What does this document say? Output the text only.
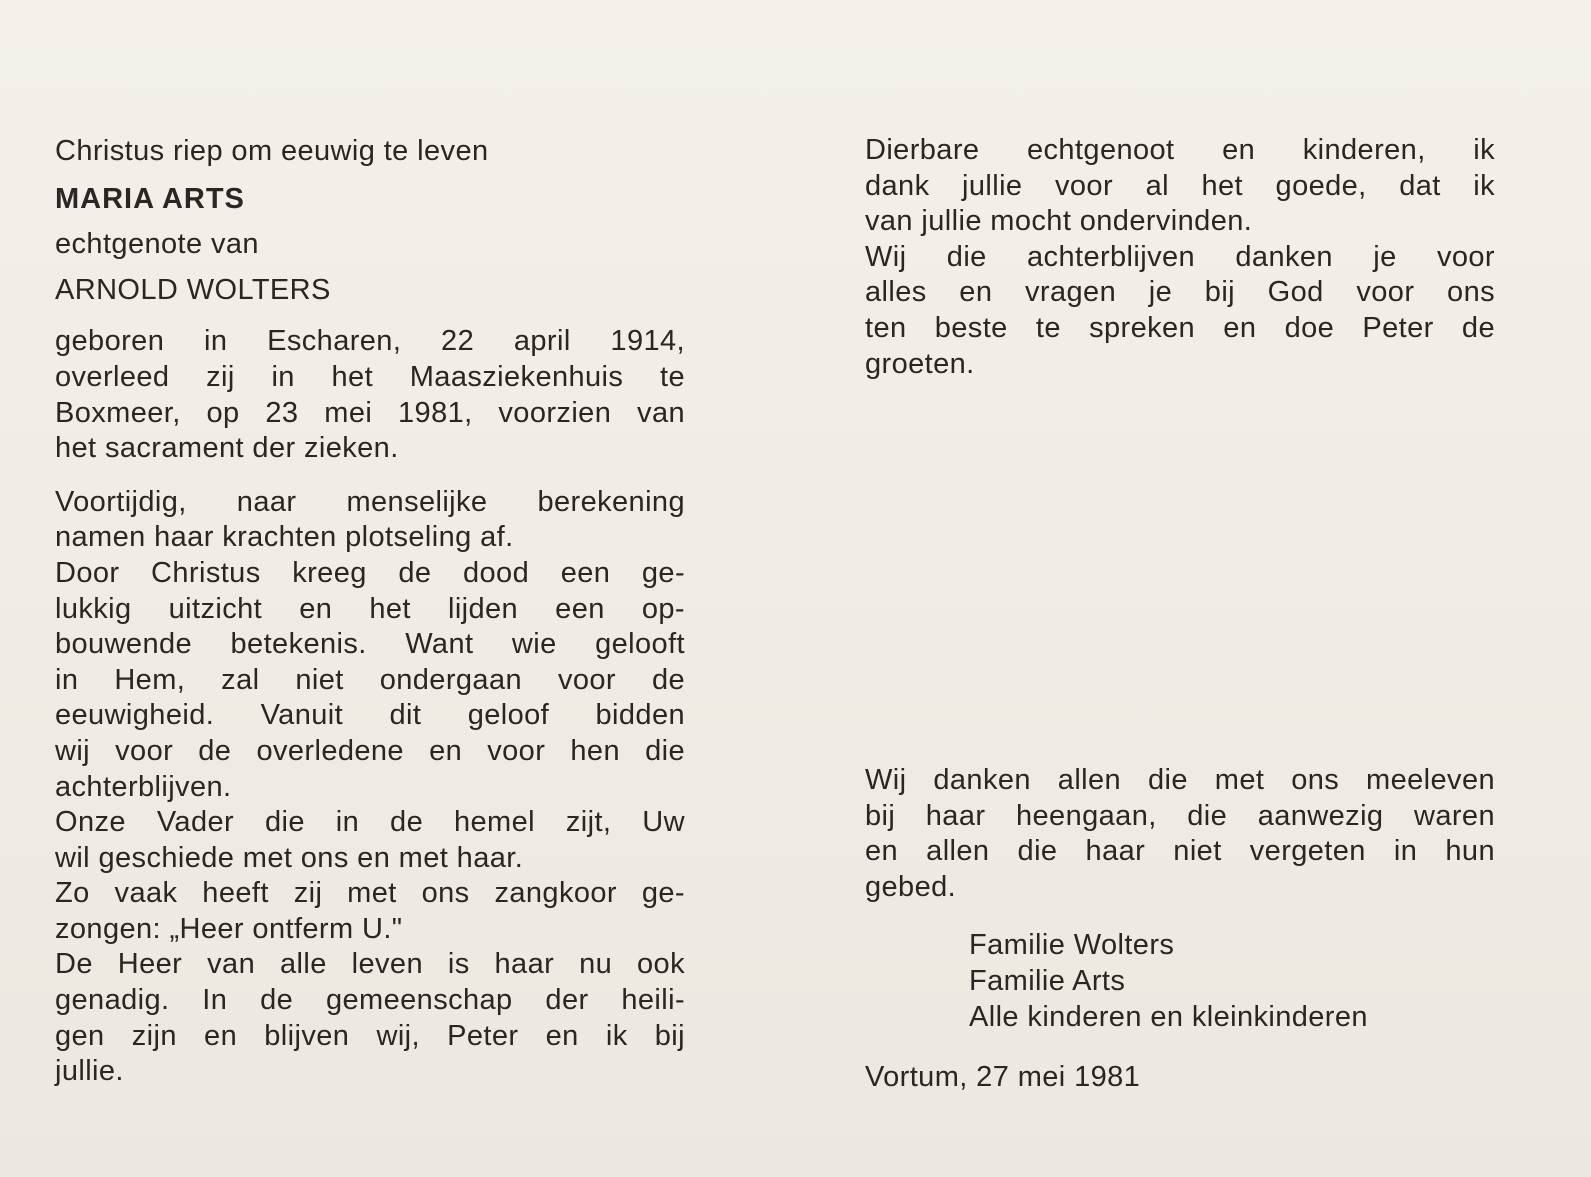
Christus riep om eeuwig te leven
MARIA ARTS
echtgenote van
ARNOLD WOLTERS
geboren in Escharen, 22 april 1914,
overleed zij in het Maasziekenhuis te
Boxmeer, op 23 mei 1981, voorzien van
het sacrament der zieken.
Voortijdig, naar menselijke berekening
namen haar krachten plotseling af.
Door Christus kreeg de dood een ge-
lukkig uitzicht en het lijden een op-
bouwende betekenis. Want wie gelooft
in Hem, zal niet ondergaan voor de
eeuwigheid. Vanuit dit geloof bidden
wij voor de overledene en voor hen die
achterblijven.
Onze Vader die in de hemel zijt, Uw
wil geschiede met ons en met haar.
Zo vaak heeft zij met ons zangkoor ge-
zongen: „Heer ontferm U."
De Heer van alle leven is haar nu ook
genadig. In de gemeenschap der heili-
gen zijn en blijven wij, Peter en ik bij
jullie.
Dierbare echtgenoot en kinderen, ik
dank jullie voor al het goede, dat ik
van jullie mocht ondervinden.
Wij die achterblijven danken je voor
alles en vragen je bij God voor ons
ten beste te spreken en doe Peter de
groeten.
Wij danken allen die met ons meeleven
bij haar heengaan, die aanwezig waren
en allen die haar niet vergeten in hun
gebed.
Familie Wolters
Familie Arts
Alle kinderen en kleinkinderen
Vortum, 27 mei 1981
